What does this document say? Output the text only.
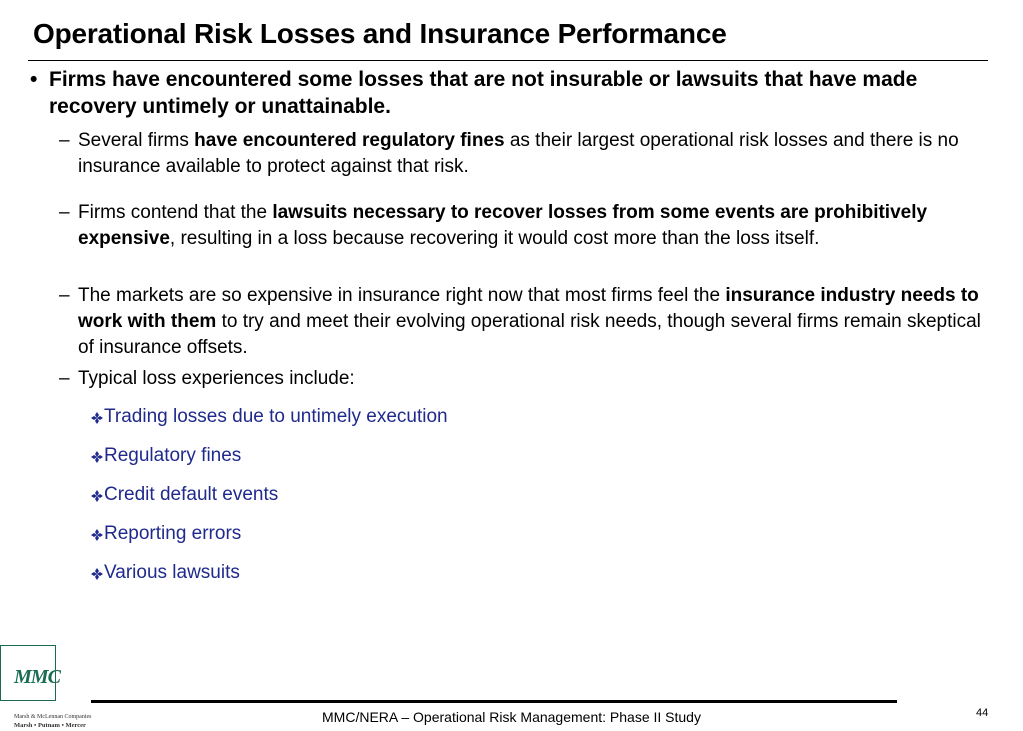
Operational Risk Losses and Insurance Performance
• Firms have encountered some losses that are not insurable or lawsuits that have made recovery untimely or unattainable.
– Several firms have encountered regulatory fines as their largest operational risk losses and there is no insurance available to protect against that risk.
– Firms contend that the lawsuits necessary to recover losses from some events are prohibitively expensive, resulting in a loss because recovering it would cost more than the loss itself.
– The markets are so expensive in insurance right now that most firms feel the insurance industry needs to work with them to try and meet their evolving operational risk needs, though several firms remain skeptical of insurance offsets.
– Typical loss experiences include:
Trading losses due to untimely execution
Regulatory fines
Credit default events
Reporting errors
Various lawsuits
MMC
Marsh & McLennan Companies
Marsh • Putnam • Mercer
MMC/NERA – Operational Risk Management: Phase II Study	44
